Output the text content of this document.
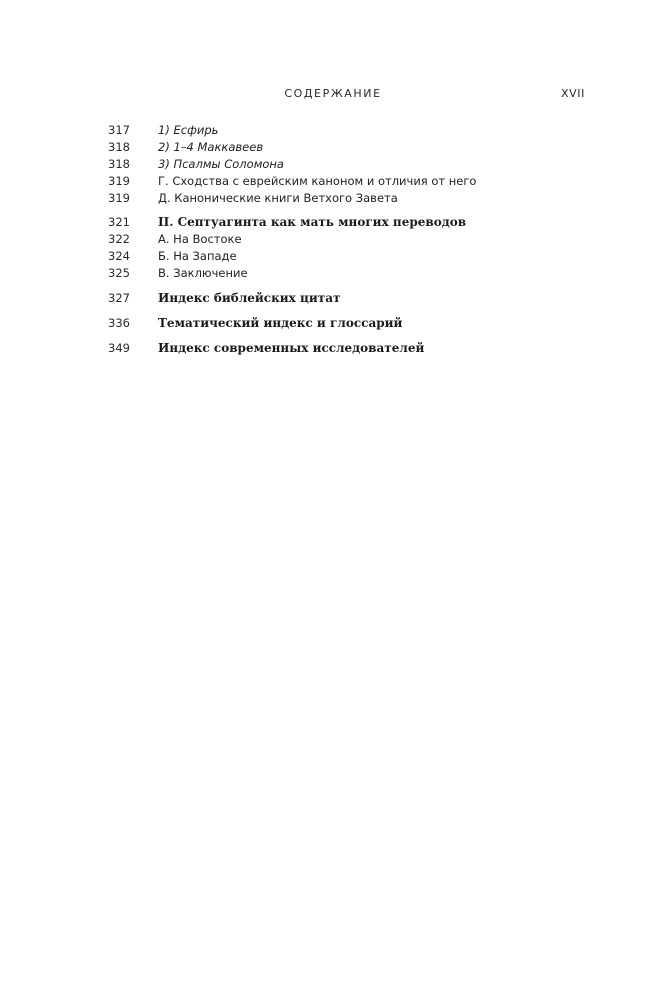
СОДЕРЖАНИЕ	XVII
317	1) Есфирь
318	2) 1–4 Маккавеев
318	3) Псалмы Соломона
319	Г. Сходства с еврейским каноном и отличия от него
319	Д. Канонические книги Ветхого Завета
321	II. Септуагинта как мать многих переводов
322	А. На Востоке
324	Б. На Западе
325	В. Заключение
327	Индекс библейских цитат
336	Тематический индекс и глоссарий
349	Индекс современных исследователей
